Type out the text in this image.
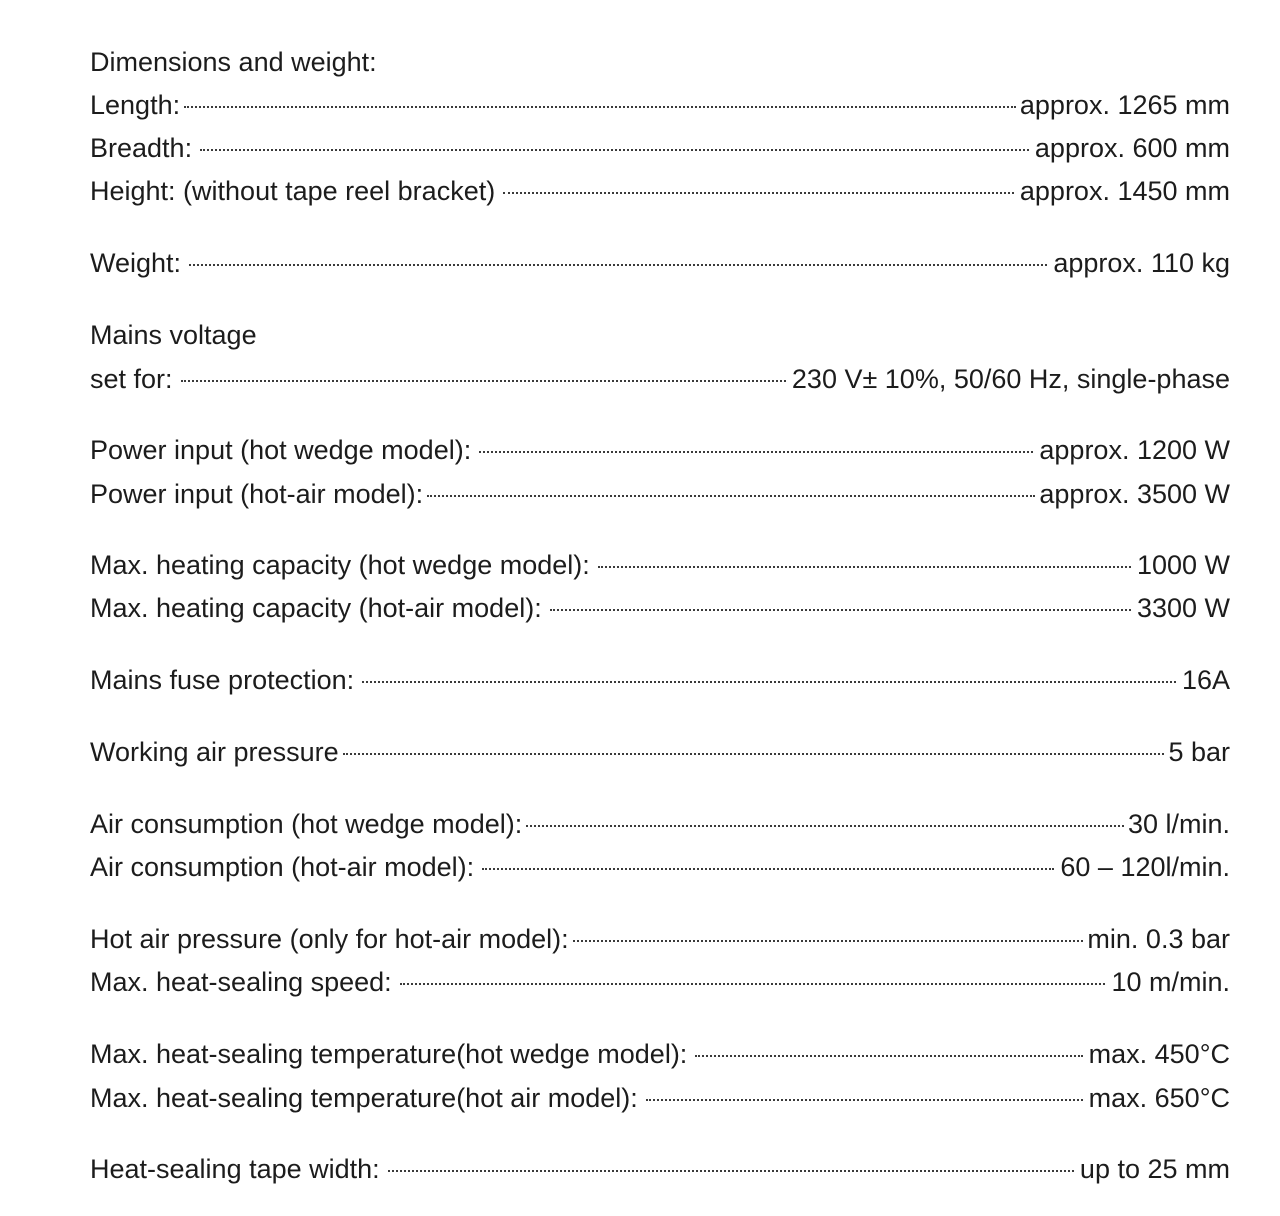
Dimensions and weight:
Length:	approx. 1265 mm
Breadth:	approx. 600 mm
Height: (without tape reel bracket)	approx. 1450 mm
Weight:	approx. 110 kg
Mains voltage
set for:	230 V± 10%, 50/60 Hz, single-phase
Power input (hot wedge model):	approx. 1200 W
Power input (hot-air model):	approx. 3500 W
Max. heating capacity (hot wedge model):	1000 W
Max. heating capacity (hot-air model):	3300 W
Mains fuse protection:	16A
Working air pressure	5 bar
Air consumption (hot wedge model):	30 l/min.
Air consumption (hot-air model):	60 – 120l/min.
Hot air pressure (only for hot-air model):	min. 0.3 bar
Max. heat-sealing speed:	10 m/min.
Max. heat-sealing temperature(hot wedge model):	max. 450°C
Max. heat-sealing temperature(hot air model):	max. 650°C
Heat-sealing tape width:	up to 25 mm
